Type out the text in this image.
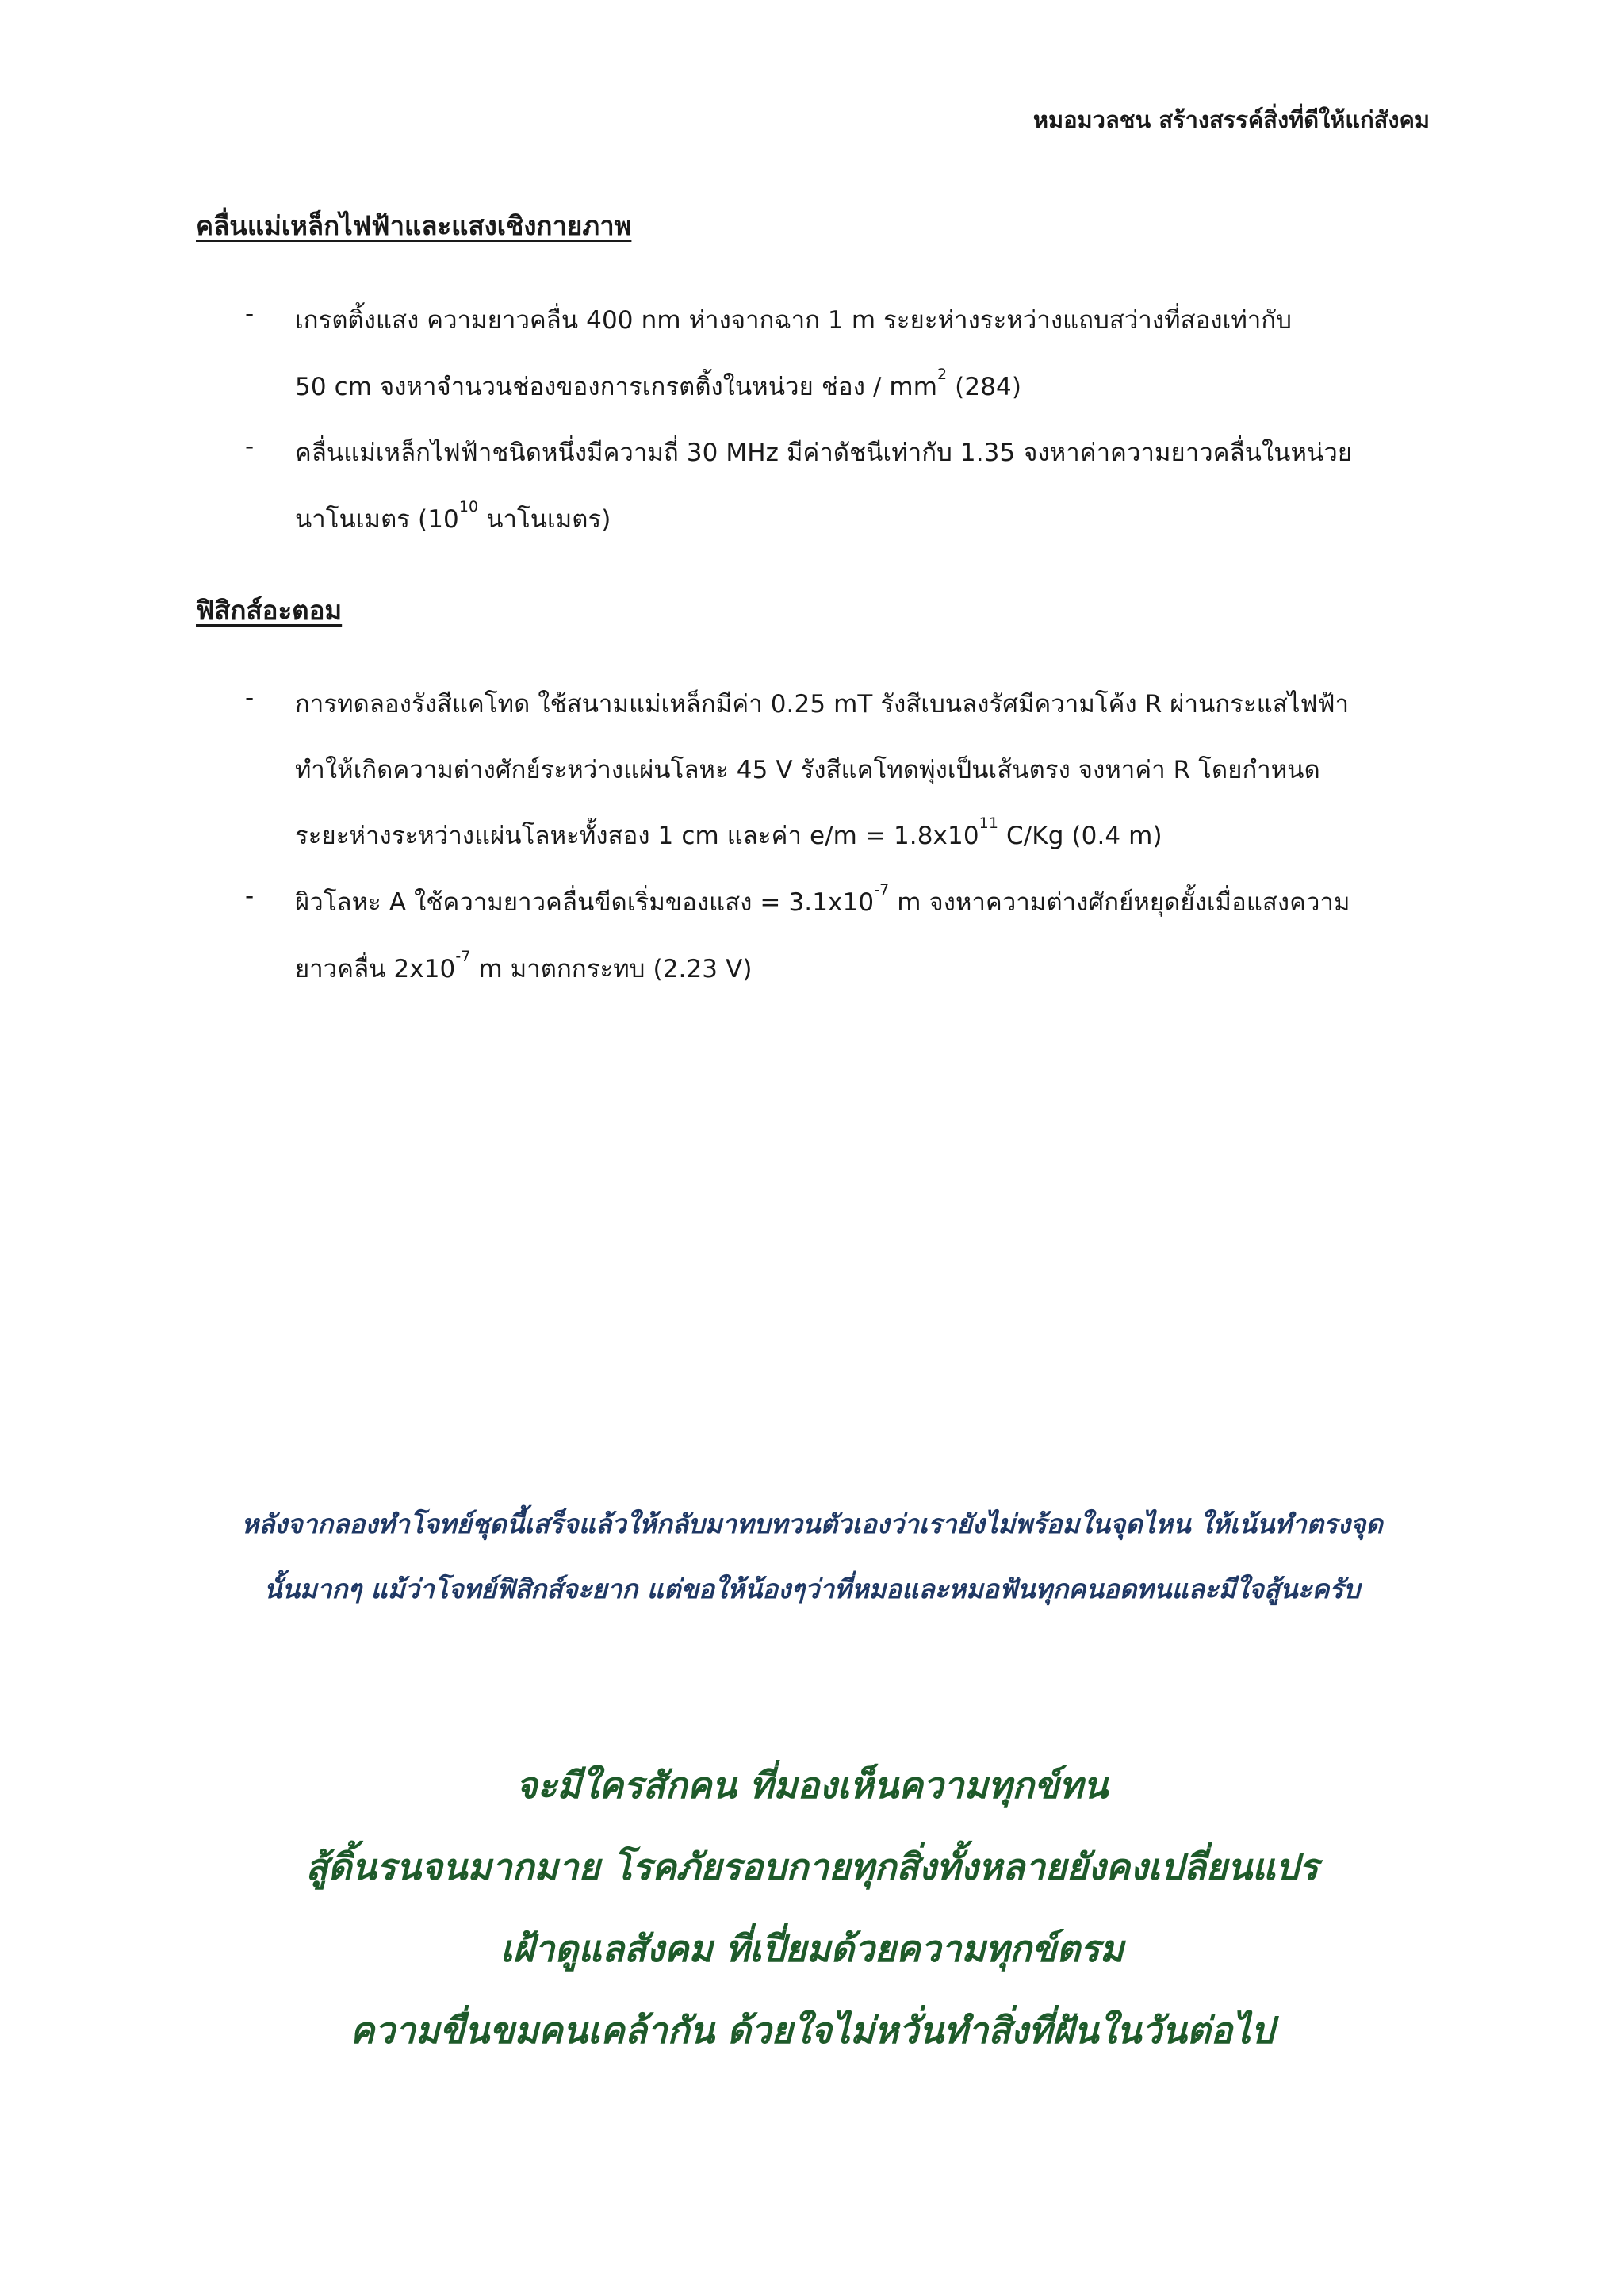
หมอมวลชน สร้างสรรค์สิ่งที่ดีให้แก่สังคม
คลื่นแม่เหล็กไฟฟ้าและแสงเชิงกายภาพ
- เกรตติ้งแสง ความยาวคลื่น 400 nm ห่างจากฉาก 1 m ระยะห่างระหว่างแถบสว่างที่สองเท่ากับ
50 cm จงหาจำนวนช่องของการเกรตติ้งในหน่วย ช่อง / $mm^2$ (284)
- คลื่นแม่เหล็กไฟฟ้าชนิดหนึ่งมีความถี่ 30 MHz มีค่าดัชนีเท่ากับ 1.35 จงหาค่าความยาวคลื่นในหน่วย
นาโนเมตร ($10^{10}$ นาโนเมตร)
ฟิสิกส์อะตอม
- การทดลองรังสีแคโทด ใช้สนามแม่เหล็กมีค่า 0.25 mT รังสีเบนลงรัศมีความโค้ง R ผ่านกระแสไฟฟ้า
ทำให้เกิดความต่างศักย์ระหว่างแผ่นโลหะ 45 V รังสีแคโทดพุ่งเป็นเส้นตรง จงหาค่า R โดยกำหนด
ระยะห่างระหว่างแผ่นโลหะทั้งสอง 1 cm และค่า $e/m = 1.8x10^{11}$ C/Kg (0.4 m)
- ผิวโลหะ A ใช้ความยาวคลื่นขีดเริ่มของแสง = $3.1x10^{-7}$ m จงหาความต่างศักย์หยุดยั้งเมื่อแสงความ
ยาวคลื่น $2x10^{-7}$ m มาตกกระทบ (2.23 V)
หลังจากลองทำโจทย์ชุดนี้เสร็จแล้วให้กลับมาทบทวนตัวเองว่าเรายังไม่พร้อมในจุดไหน ให้เน้นทำตรงจุด
นั้นมากๆ แม้ว่าโจทย์ฟิสิกส์จะยาก แต่ขอให้น้องๆว่าที่หมอและหมอฟันทุกคนอดทนและมีใจสู้นะครับ
จะมีใครสักคน ที่มองเห็นความทุกข์ทน
สู้ดิ้นรนจนมากมาย โรคภัยรอบกายทุกสิ่งทั้งหลายยังคงเปลี่ยนแปร
เฝ้าดูแลสังคม ที่เปี่ยมด้วยความทุกข์ตรม
ความขื่นขมคนเคล้ากัน ด้วยใจไม่หวั่นทำสิ่งที่ฝันในวันต่อไป
